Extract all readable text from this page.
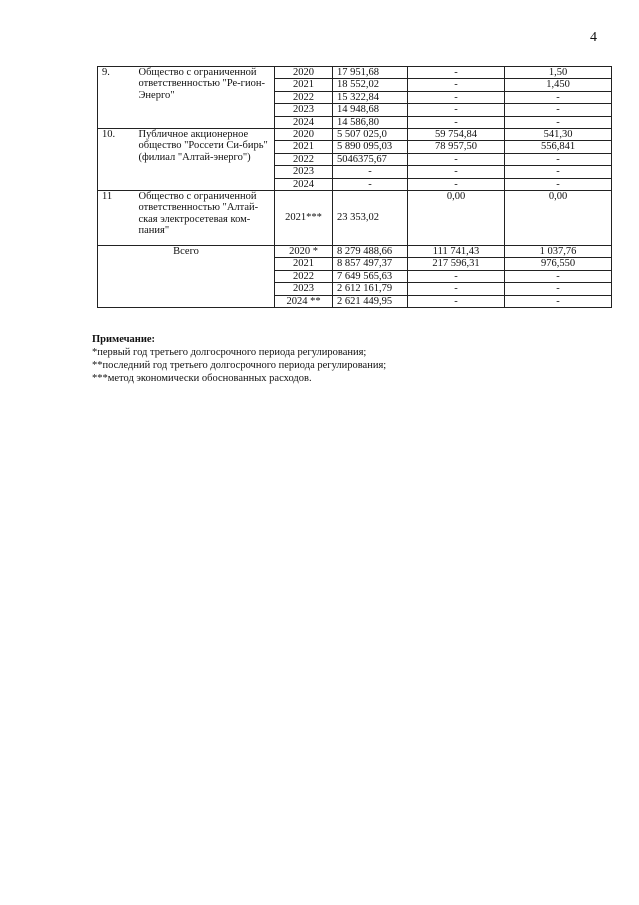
4
9.	Общество с ограниченной ответственностью "Ре-гион-Энерго"	2020	17 951,68	-	1,50
		2021	18 552,02	-	1,450
		2022	15 322,84	-	-
		2023	14 948,68	-	-
		2024	14 586,80	-	-
10.	Публичное акционерное общество "Россети Си-бирь" (филиал "Алтай-энерго")	2020	5 507 025,0	59 754,84	541,30
		2021	5 890 095,03	78 957,50	556,841
		2022	5046375,67	-	-
		2023	-	-	-
		2024	-	-	-
11	Общество с ограниченной ответственностью "Алтай-ская электросетевая ком-пания"	2021***	23 353,02	0,00	0,00
Всего		2020 *	8 279 488,66	111 741,43	1 037,76
		2021	8 857 497,37	217 596,31	976,550
		2022	7 649 565,63	-	-
		2023	2 612 161,79	-	-
		2024 **	2 621 449,95	-	-
Примечание:
*первый год третьего долгосрочного периода регулирования;
**последний год третьего долгосрочного периода регулирования;
***метод экономически обоснованных расходов.
